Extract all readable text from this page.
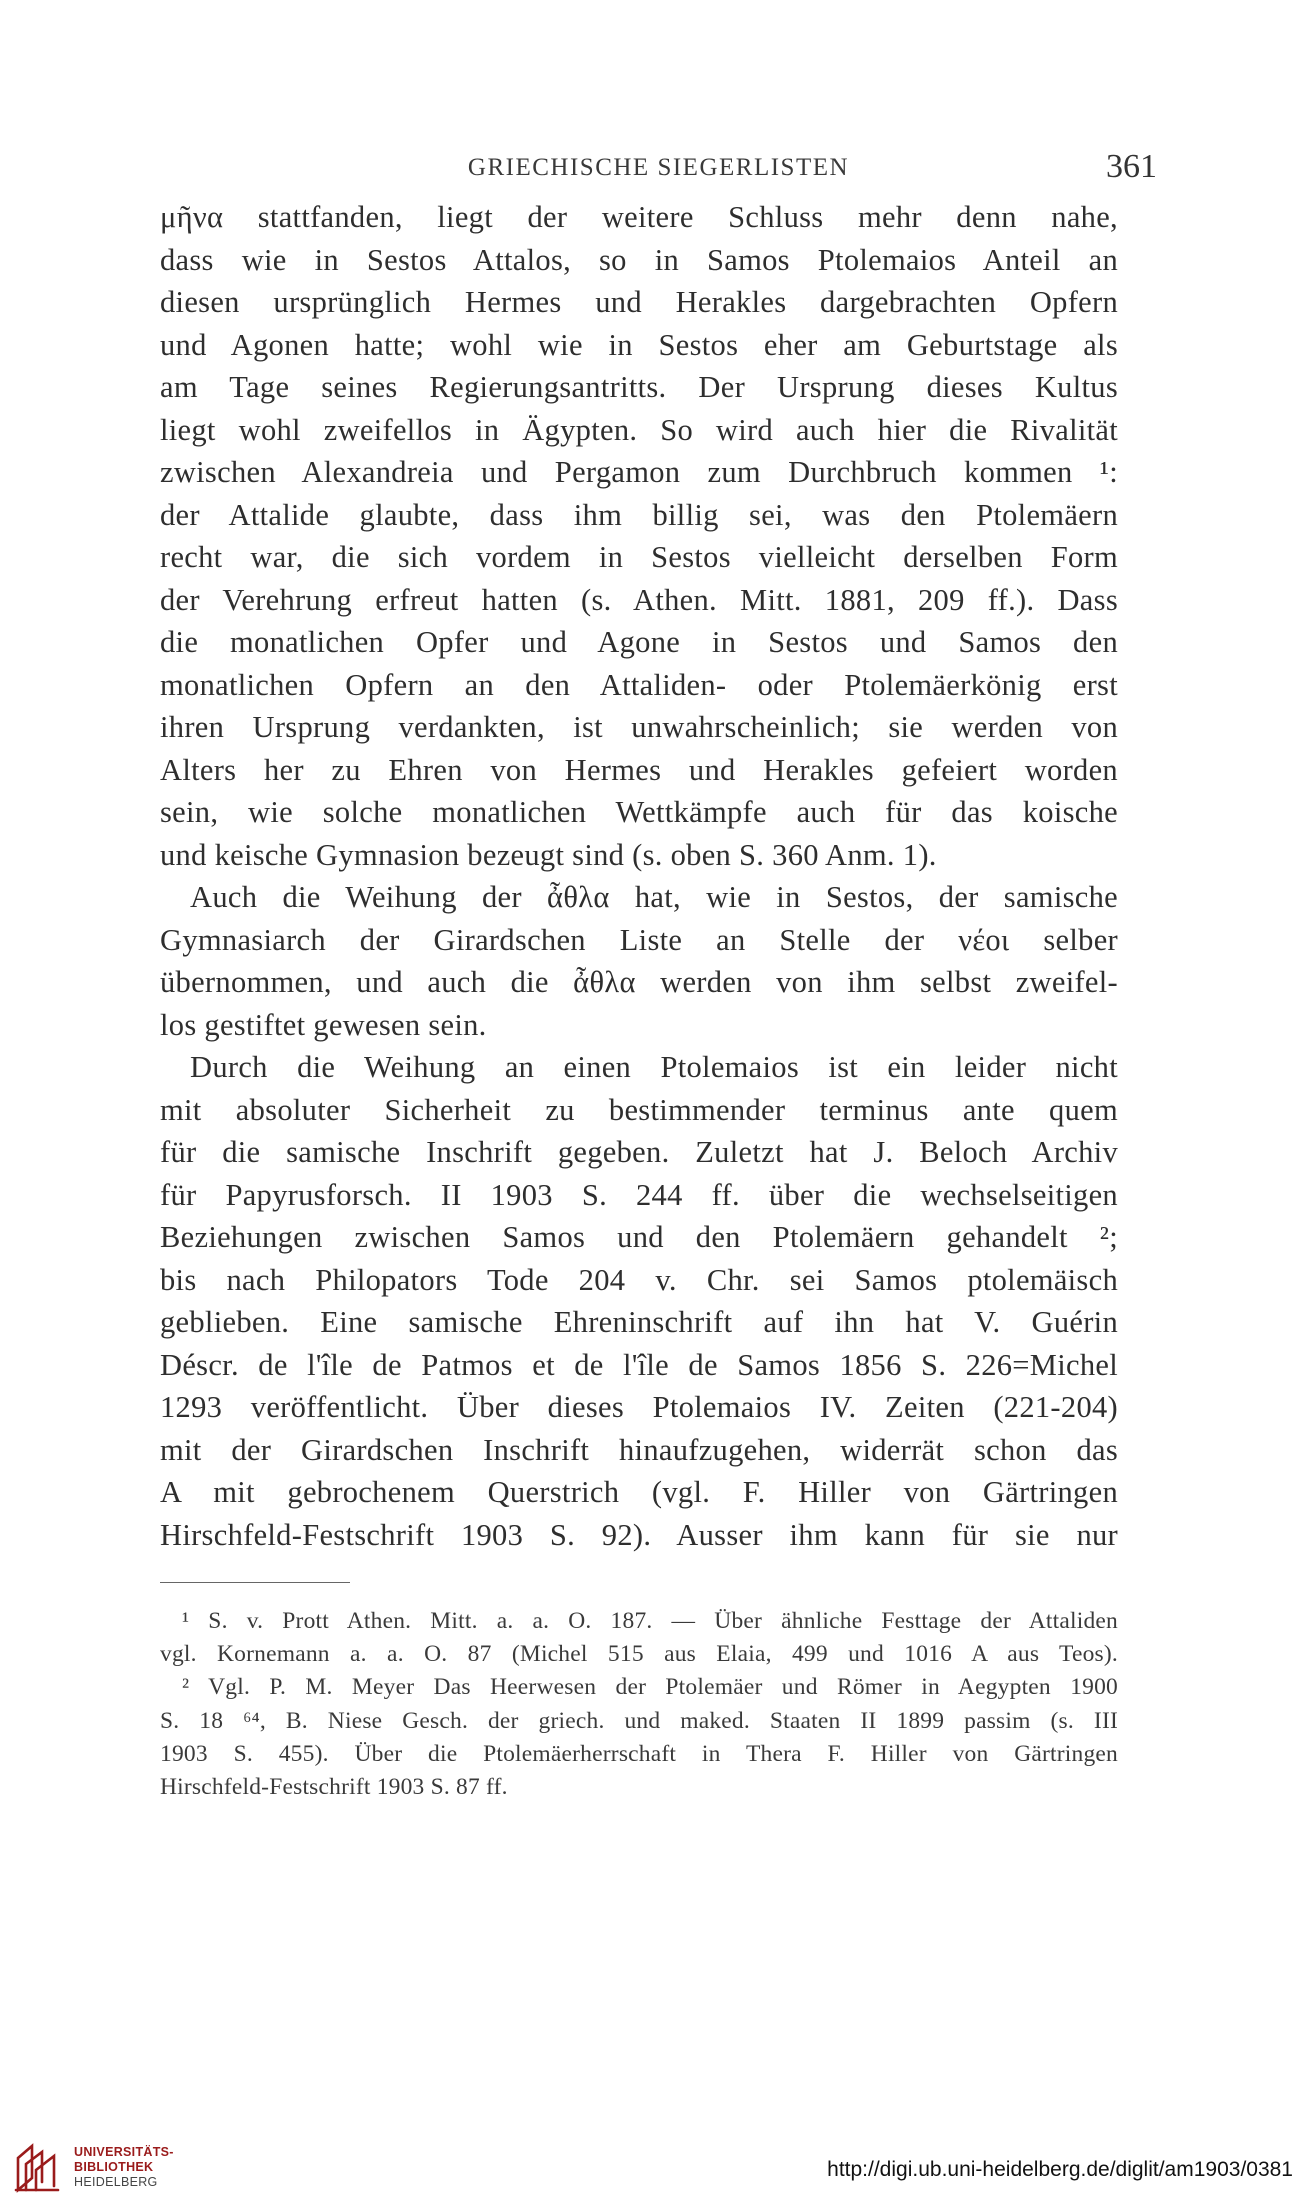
GRIECHISCHE SIEGERLISTEN	361
μῆνα stattfanden, liegt der weitere Schluss mehr denn nahe,
dass wie in Sestos Attalos, so in Samos Ptolemaios Anteil an
diesen ursprünglich Hermes und Herakles dargebrachten Opfern
und Agonen hatte; wohl wie in Sestos eher am Geburtstage als
am Tage seines Regierungsantritts. Der Ursprung dieses Kultus
liegt wohl zweifellos in Ägypten. So wird auch hier die Rivalität
zwischen Alexandreia und Pergamon zum Durchbruch kommen ¹:
der Attalide glaubte, dass ihm billig sei, was den Ptolemäern
recht war, die sich vordem in Sestos vielleicht derselben Form
der Verehrung erfreut hatten (s. Athen. Mitt. 1881, 209 ff.). Dass
die monatlichen Opfer und Agone in Sestos und Samos den
monatlichen Opfern an den Attaliden- oder Ptolemäerkönig erst
ihren Ursprung verdankten, ist unwahrscheinlich; sie werden von
Alters her zu Ehren von Hermes und Herakles gefeiert worden
sein, wie solche monatlichen Wettkämpfe auch für das koische
und keische Gymnasion bezeugt sind (s. oben S. 360 Anm. 1).
Auch die Weihung der ἆθλα hat, wie in Sestos, der samische
Gymnasiarch der Girardschen Liste an Stelle der νέοι selber
übernommen, und auch die ἆθλα werden von ihm selbst zweifel-
los gestiftet gewesen sein.
Durch die Weihung an einen Ptolemaios ist ein leider nicht
mit absoluter Sicherheit zu bestimmender terminus ante quem
für die samische Inschrift gegeben. Zuletzt hat J. Beloch Archiv
für Papyrusforsch. II 1903 S. 244 ff. über die wechselseitigen
Beziehungen zwischen Samos und den Ptolemäern gehandelt ²;
bis nach Philopators Tode 204 v. Chr. sei Samos ptolemäisch
geblieben. Eine samische Ehreninschrift auf ihn hat V. Guérin
Déscr. de l'île de Patmos et de l'île de Samos 1856 S. 226=Michel
1293 veröffentlicht. Über dieses Ptolemaios IV. Zeiten (221-204)
mit der Girardschen Inschrift hinaufzugehen, widerrät schon das
A mit gebrochenem Querstrich (vgl. F. Hiller von Gärtringen
Hirschfeld-Festschrift 1903 S. 92). Ausser ihm kann für sie nur
¹ S. v. Prott Athen. Mitt. a. a. O. 187. — Über ähnliche Festtage der Attaliden
vgl. Kornemann a. a. O. 87 (Michel 515 aus Elaia, 499 und 1016 A aus Teos).
² Vgl. P. M. Meyer Das Heerwesen der Ptolemäer und Römer in Aegypten 1900
S. 18 ⁶⁴, B. Niese Gesch. der griech. und maked. Staaten II 1899 passim (s. III
1903 S. 455). Über die Ptolemäerherrschaft in Thera F. Hiller von Gärtringen
Hirschfeld-Festschrift 1903 S. 87 ff.
UNIVERSITÄTS-
BIBLIOTHEK
HEIDELBERG
http://digi.ub.uni-heidelberg.de/diglit/am1903/0381
